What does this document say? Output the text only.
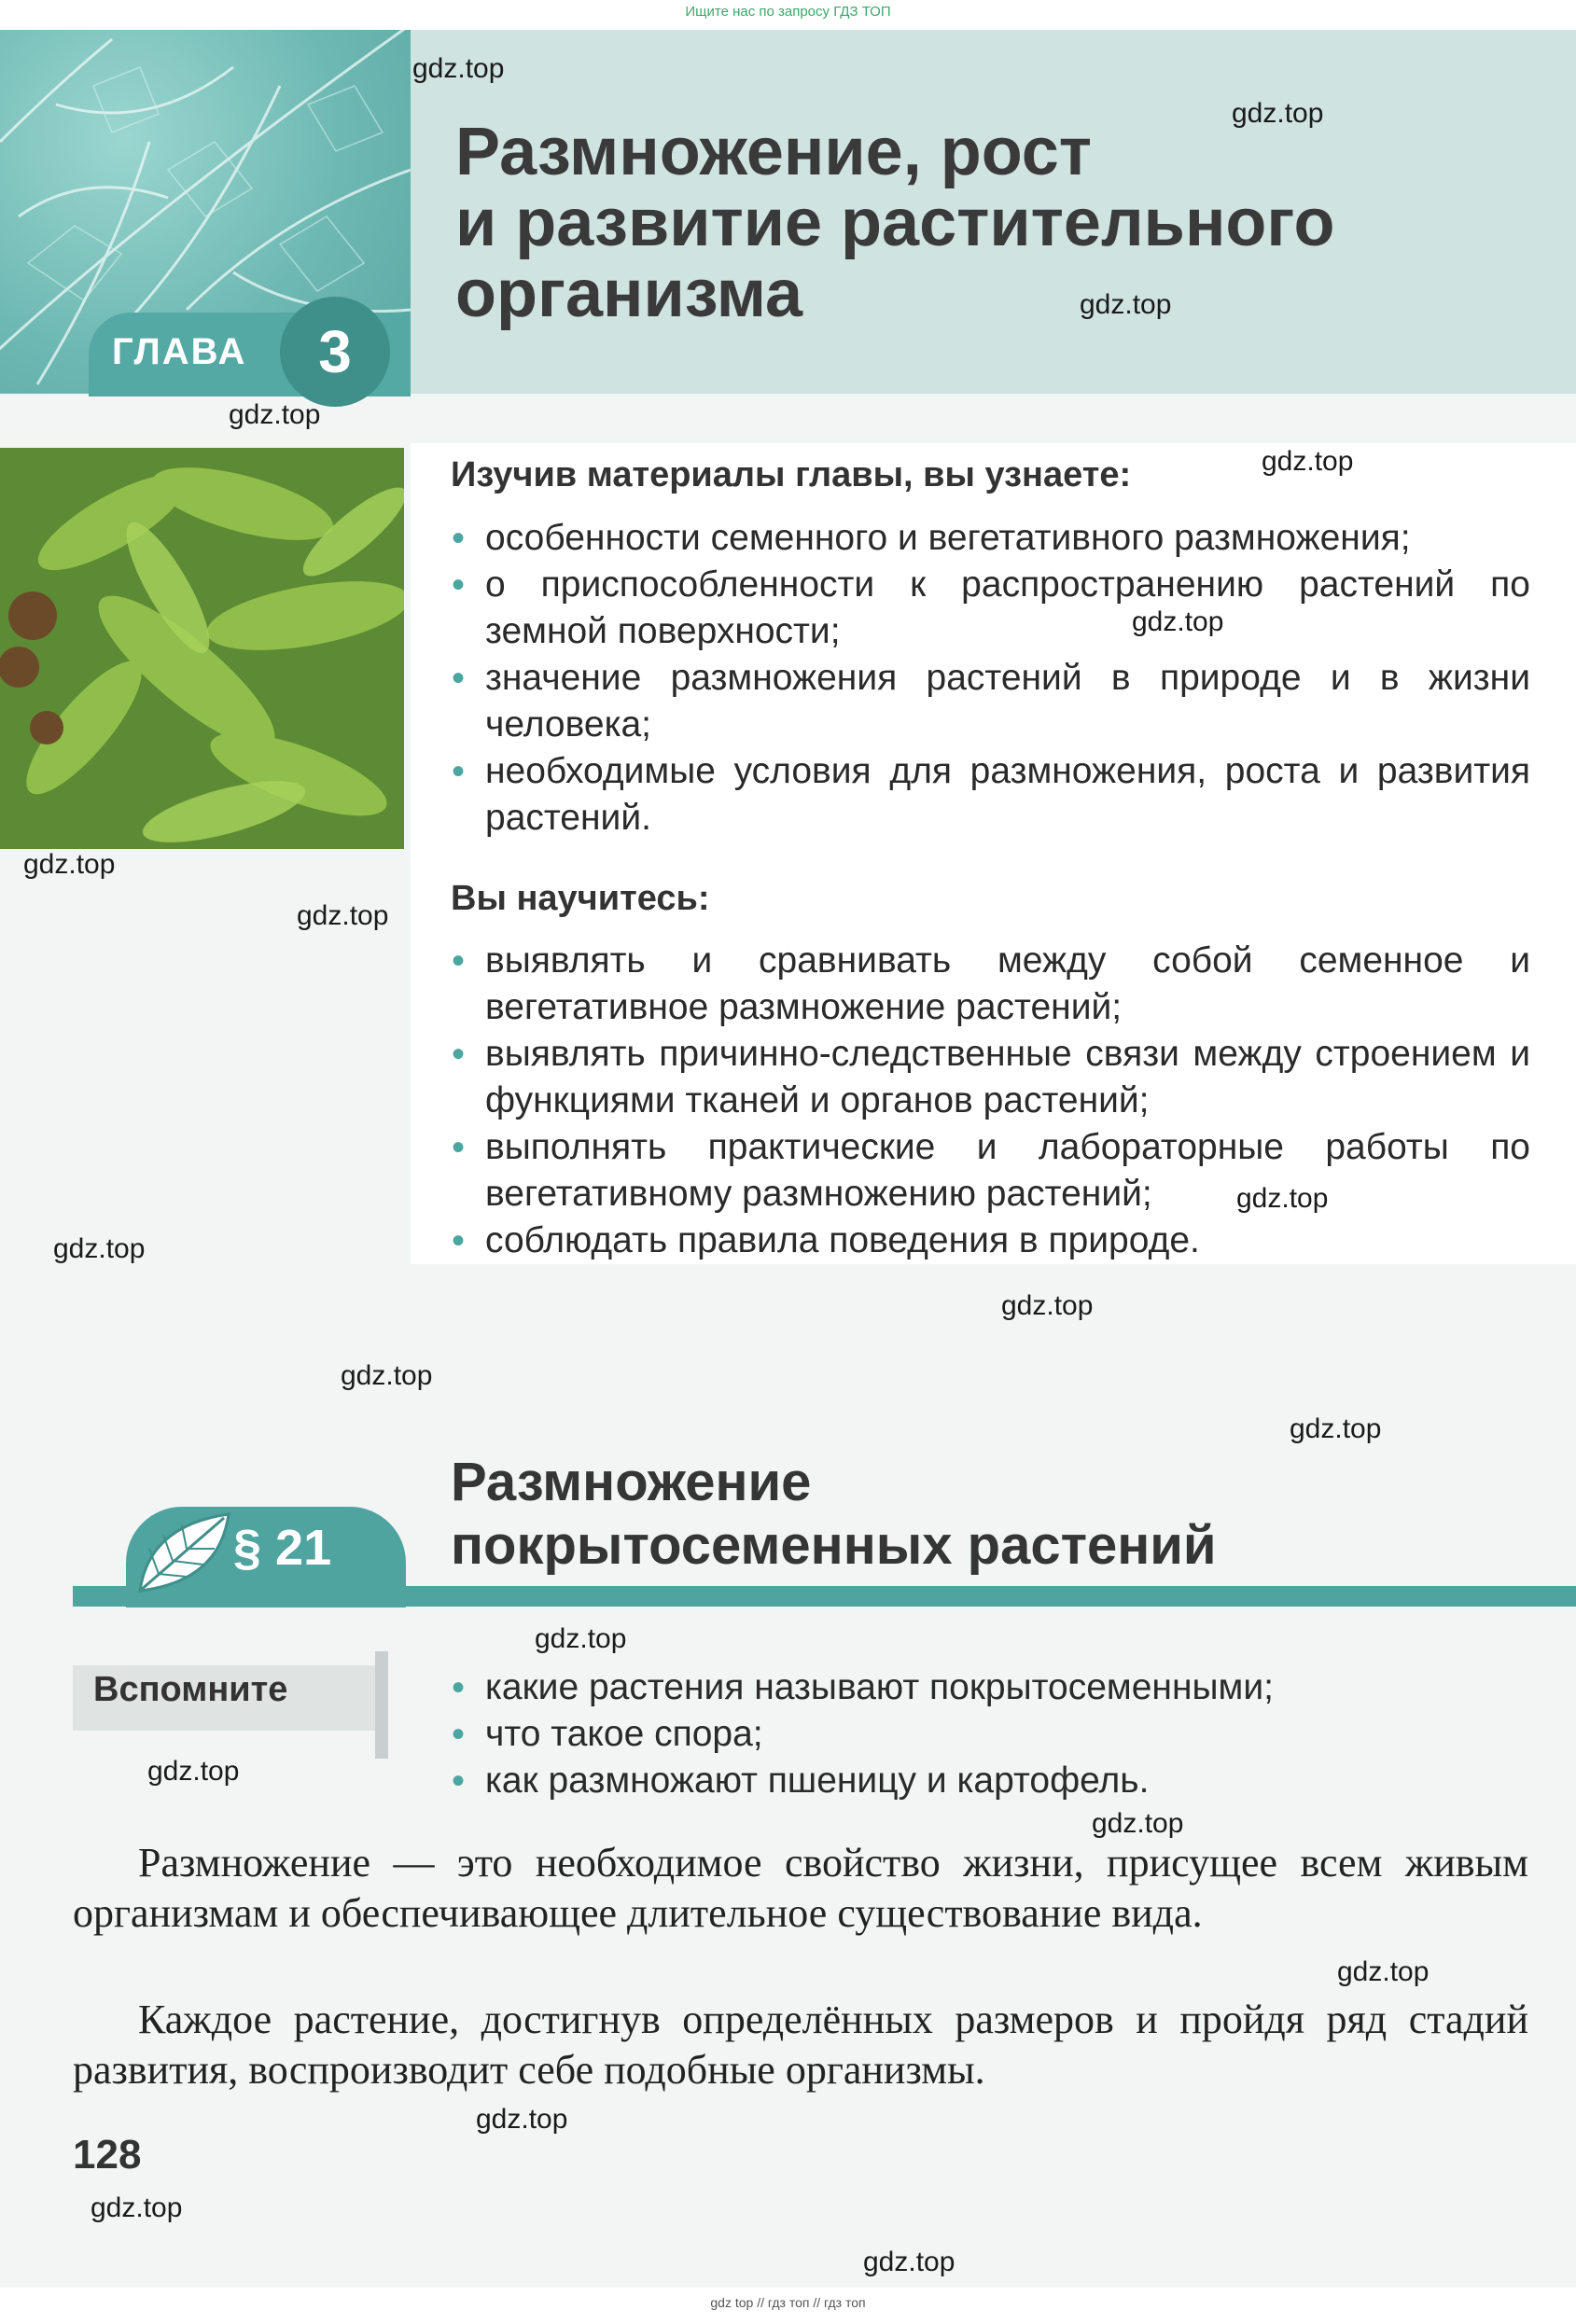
Ищите нас по запросу ГДЗ ТОП
Размножение, рост
и развитие растительного
организма
ГЛАВА	3
Изучив материалы главы, вы узнаете:
• особенности семенного и вегетативного размножения;
• о приспособленности к распространению растений по земной поверхности;
• значение размножения растений в природе и в жизни человека;
• необходимые условия для размножения, роста и развития растений.
Вы научитесь:
• выявлять и сравнивать между собой семенное и вегетативное размножение растений;
• выявлять причинно-следственные связи между строением и функциями тканей и органов растений;
• выполнять практические и лабораторные работы по вегетативному размножению растений;
• соблюдать правила поведения в природе.
§ 21
Размножение
покрытосеменных растений
Вспомните	• какие растения называют покрытосеменными;
• что такое спора;
• как размножают пшеницу и картофель.
Размножение — это необходимое свойство жизни, присущее всем живым организмам и обеспечивающее длительное существование вида.
Каждое растение, достигнув определённых размеров и пройдя ряд стадий развития, воспроизводит себе подобные организмы.
128
gdz.top
gdz.top
gdz.top
gdz.top
gdz.top
gdz.top
gdz.top
gdz.top
gdz.top
gdz.top
gdz.top
gdz.top
gdz.top
gdz.top
gdz.top
gdz.top
gdz.top
gdz.top
gdz.top
gdz.top
gdz top // гдз топ // гдз топ
